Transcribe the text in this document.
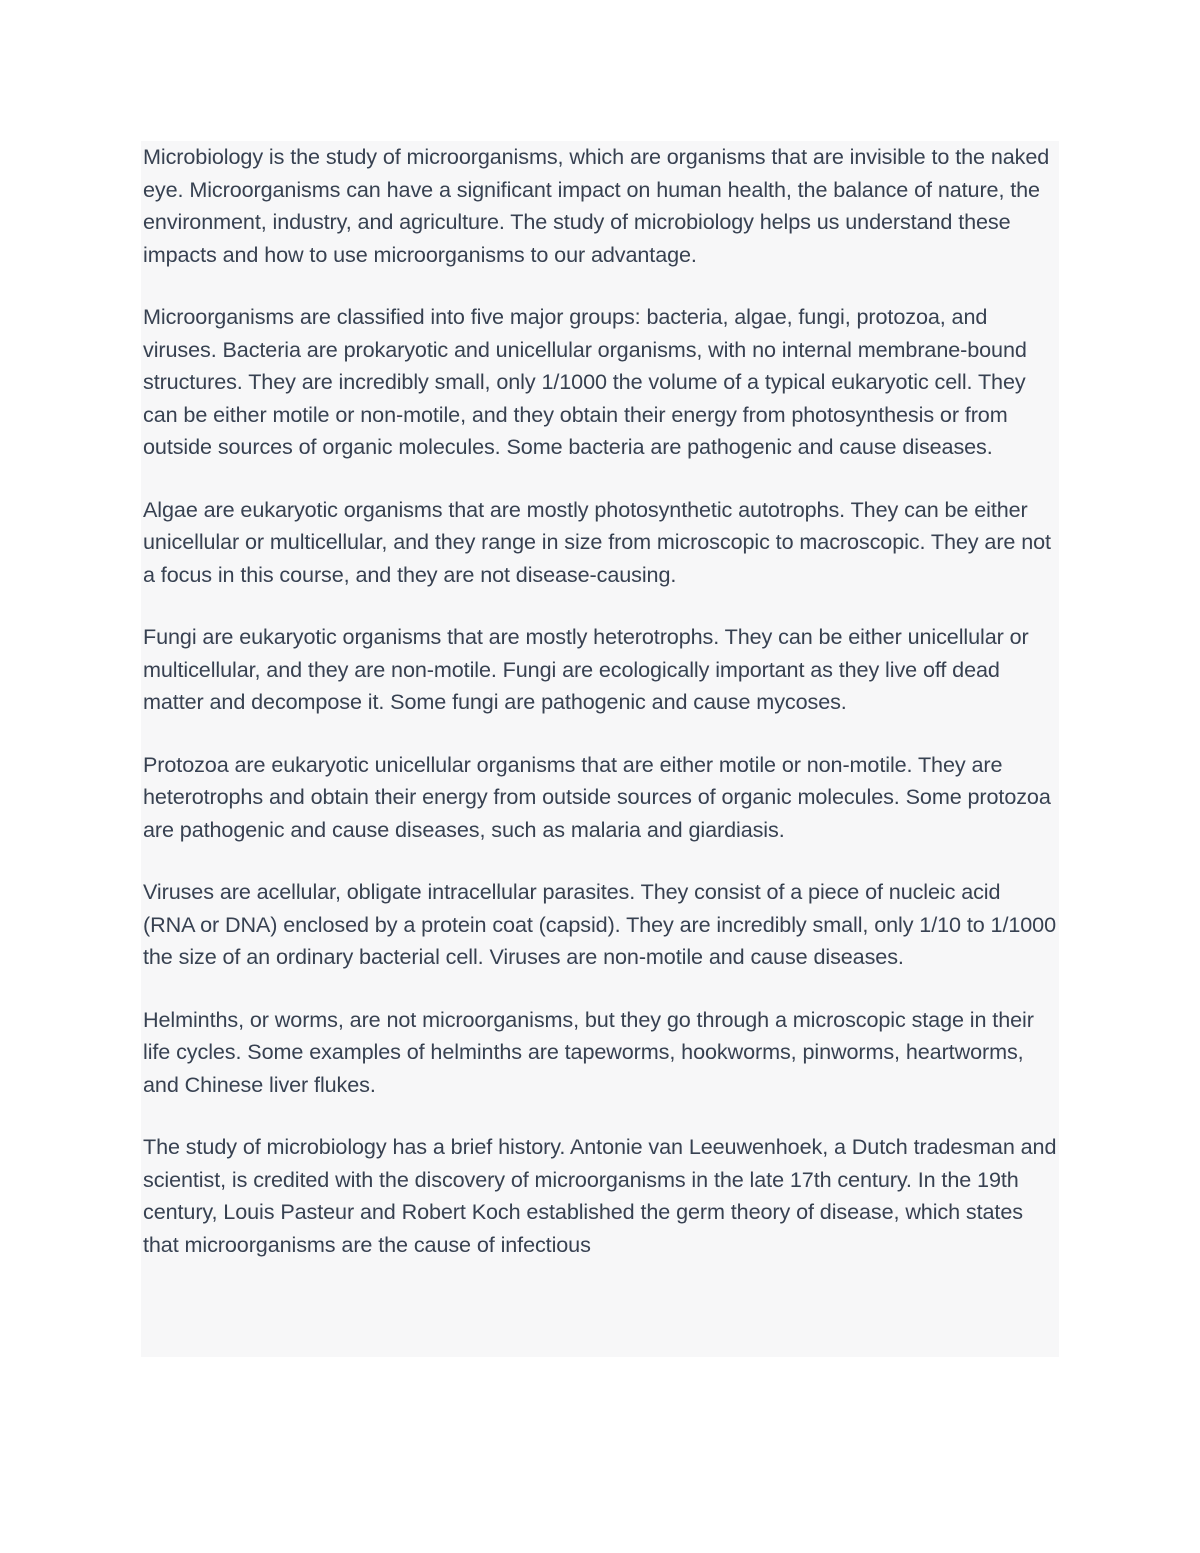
Microbiology is the study of microorganisms, which are organisms that are invisible to the naked eye. Microorganisms can have a significant impact on human health, the balance of nature, the environment, industry, and agriculture. The study of microbiology helps us understand these impacts and how to use microorganisms to our advantage.

Microorganisms are classified into five major groups: bacteria, algae, fungi, protozoa, and viruses. Bacteria are prokaryotic and unicellular organisms, with no internal membrane-bound structures. They are incredibly small, only 1/1000 the volume of a typical eukaryotic cell. They can be either motile or non-motile, and they obtain their energy from photosynthesis or from outside sources of organic molecules. Some bacteria are pathogenic and cause diseases.

Algae are eukaryotic organisms that are mostly photosynthetic autotrophs. They can be either unicellular or multicellular, and they range in size from microscopic to macroscopic. They are not a focus in this course, and they are not disease-causing.

Fungi are eukaryotic organisms that are mostly heterotrophs. They can be either unicellular or multicellular, and they are non-motile. Fungi are ecologically important as they live off dead matter and decompose it. Some fungi are pathogenic and cause mycoses.

Protozoa are eukaryotic unicellular organisms that are either motile or non-motile. They are heterotrophs and obtain their energy from outside sources of organic molecules. Some protozoa are pathogenic and cause diseases, such as malaria and giardiasis.

Viruses are acellular, obligate intracellular parasites. They consist of a piece of nucleic acid (RNA or DNA) enclosed by a protein coat (capsid). They are incredibly small, only 1/10 to 1/1000 the size of an ordinary bacterial cell. Viruses are non-motile and cause diseases.

Helminths, or worms, are not microorganisms, but they go through a microscopic stage in their life cycles. Some examples of helminths are tapeworms, hookworms, pinworms, heartworms, and Chinese liver flukes.

The study of microbiology has a brief history. Antonie van Leeuwenhoek, a Dutch tradesman and scientist, is credited with the discovery of microorganisms in the late 17th century. In the 19th century, Louis Pasteur and Robert Koch established the germ theory of disease, which states that microorganisms are the cause of infectious
